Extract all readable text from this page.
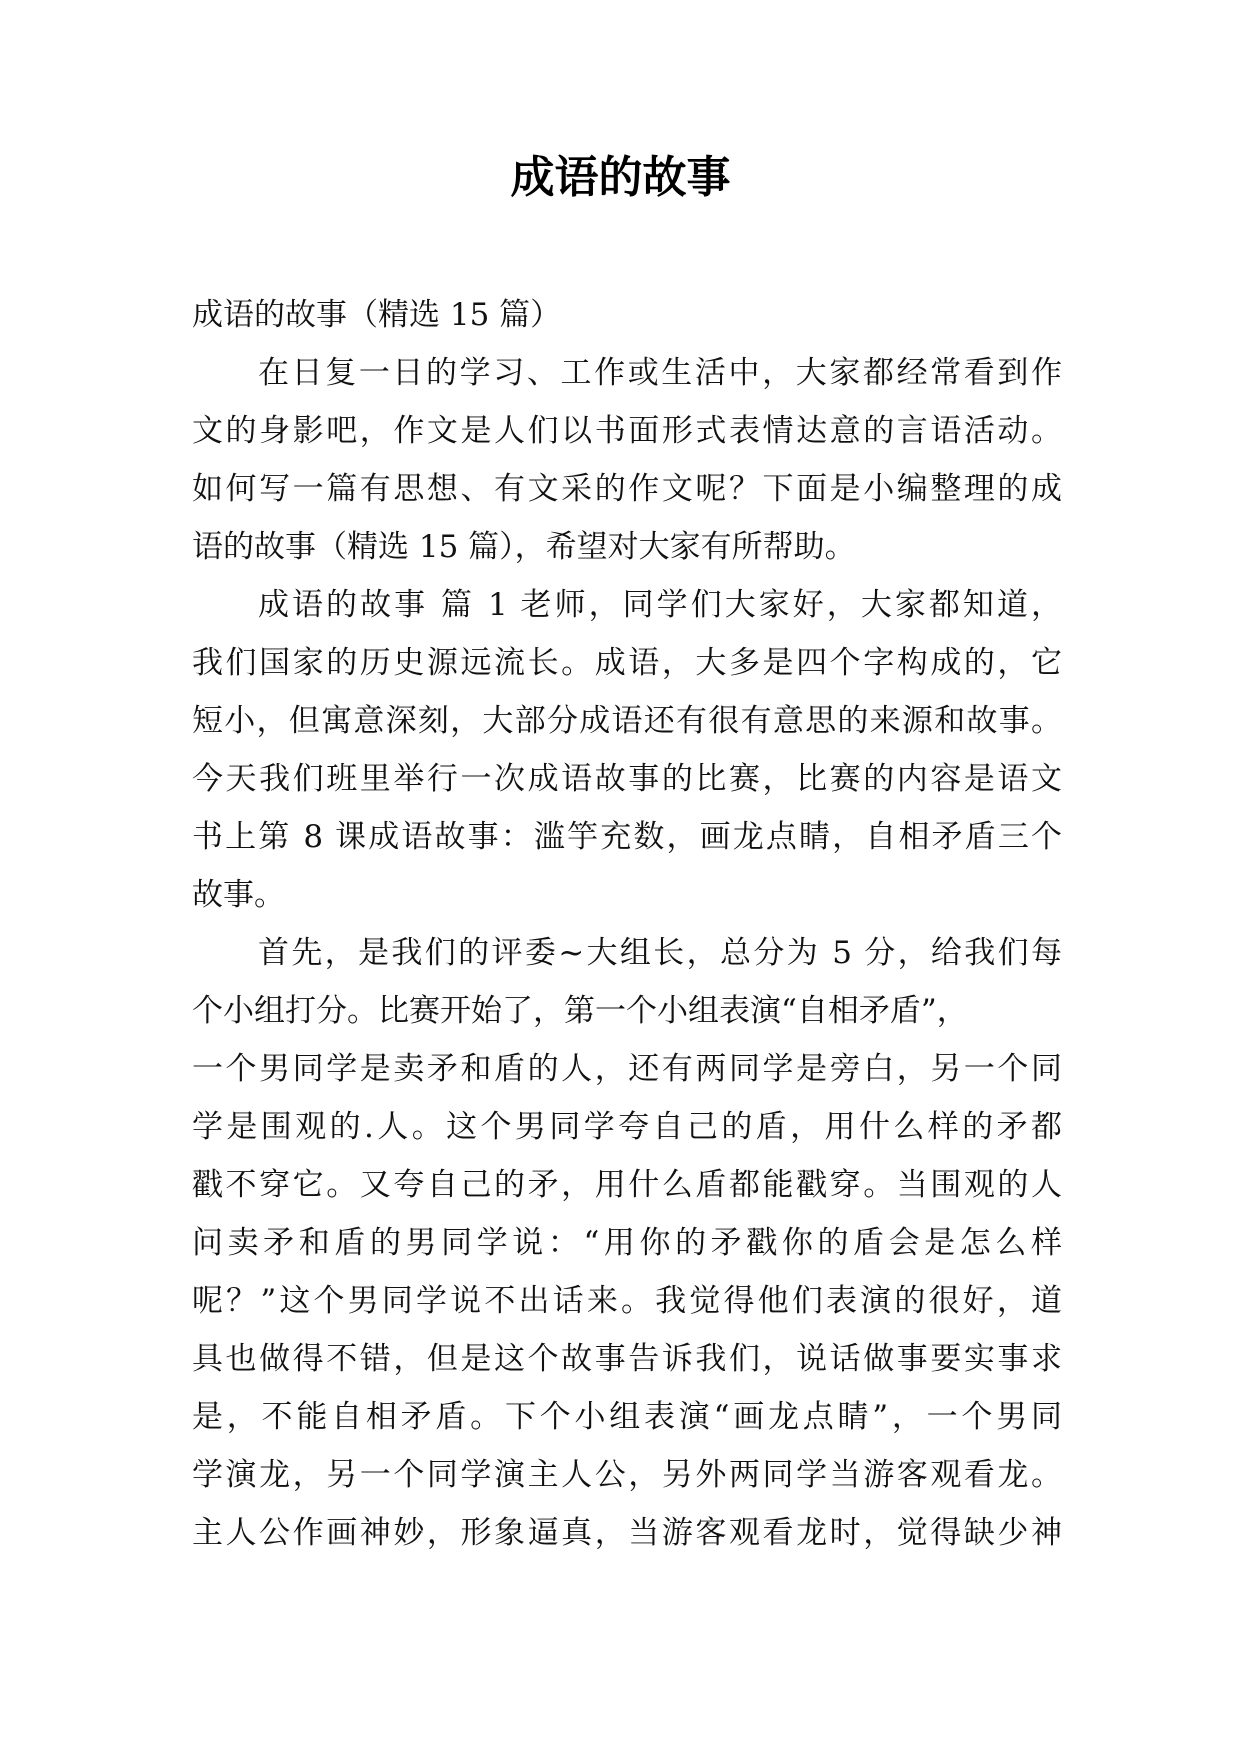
成语的故事
成语的故事（精选 15 篇）
在日复一日的学习、工作或生活中，大家都经常看到作
文的身影吧，作文是人们以书面形式表情达意的言语活动。
如何写一篇有思想、有文采的作文呢？下面是小编整理的成
语的故事（精选 15 篇），希望对大家有所帮助。
成语的故事 篇 1 老师，同学们大家好，大家都知道，
我们国家的历史源远流长。成语，大多是四个字构成的，它
短小，但寓意深刻，大部分成语还有很有意思的来源和故事。
今天我们班里举行一次成语故事的比赛，比赛的内容是语文
书上第 8 课成语故事：滥竽充数，画龙点睛，自相矛盾三个
故事。
首先，是我们的评委~大组长，总分为 5 分，给我们每
个小组打分。比赛开始了，第一个小组表演“自相矛盾”，
一个男同学是卖矛和盾的人，还有两同学是旁白，另一个同
学是围观的.人。这个男同学夸自己的盾，用什么样的矛都
戳不穿它。又夸自己的矛，用什么盾都能戳穿。当围观的人
问卖矛和盾的男同学说：“用你的矛戳你的盾会是怎么样
呢？”这个男同学说不出话来。我觉得他们表演的很好，道
具也做得不错，但是这个故事告诉我们，说话做事要实事求
是，不能自相矛盾。下个小组表演“画龙点睛”，一个男同
学演龙，另一个同学演主人公，另外两同学当游客观看龙。
主人公作画神妙，形象逼真，当游客观看龙时，觉得缺少神
